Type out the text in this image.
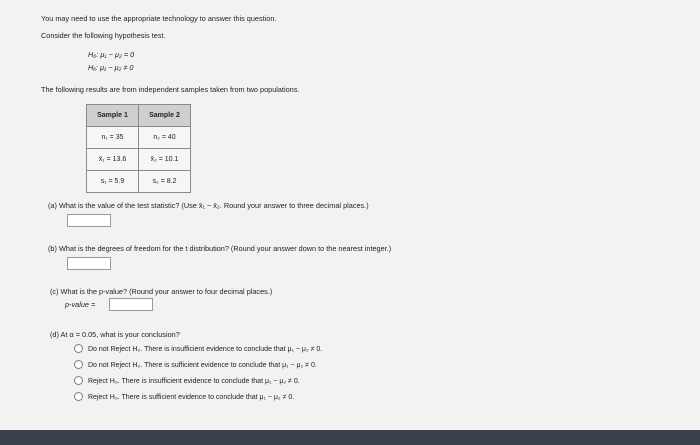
You may need to use the appropriate technology to answer this question.
Consider the following hypothesis test.
H₀: μ₁ − μ₂ = 0
Hₐ: μ₁ − μ₂ ≠ 0
The following results are from independent samples taken from two populations.
Sample 1	Sample 2
n₁ = 35	n₂ = 40
x̄₁ = 13.6	x̄₂ = 10.1
s₁ = 5.9	s₂ = 8.2
(a) What is the value of the test statistic? (Use x̄₁ − x̄₂. Round your answer to three decimal places.)
(b) What is the degrees of freedom for the t distribution? (Round your answer down to the nearest integer.)
(c) What is the p-value? (Round your answer to four decimal places.)
p-value =
(d) At α = 0.05, what is your conclusion?
Do not Reject H₀. There is insufficient evidence to conclude that μ₁ − μ₂ ≠ 0.
Do not Reject H₀. There is sufficient evidence to conclude that μ₁ − μ₂ ≠ 0.
Reject H₀. There is insufficient evidence to conclude that μ₁ − μ₂ ≠ 0.
Reject H₀. There is sufficient evidence to conclude that μ₁ − μ₂ ≠ 0.
